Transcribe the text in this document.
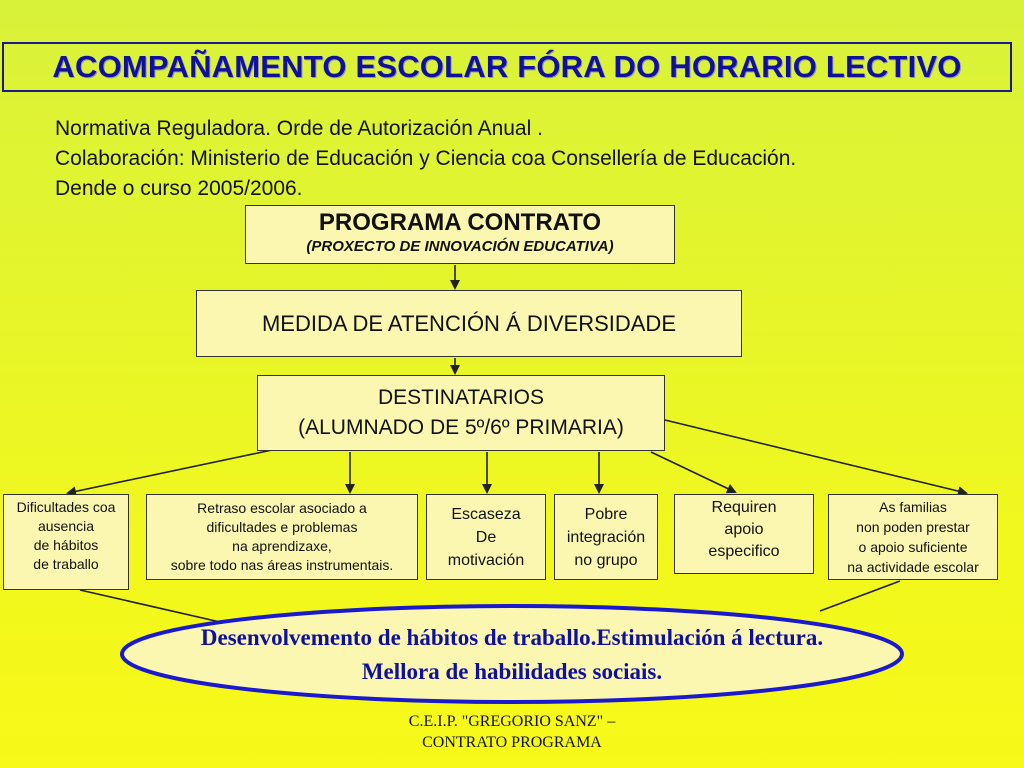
ACOMPAÑAMENTO ESCOLAR FÓRA DO HORARIO LECTIVO
Normativa Reguladora. Orde de Autorización Anual .
Colaboración: Ministerio de Educación y Ciencia coa Consellería de Educación.
Dende o curso 2005/2006.
PROGRAMA CONTRATO
(PROXECTO DE INNOVACIÓN EDUCATIVA)
MEDIDA DE ATENCIÓN Á DIVERSIDADE
DESTINATARIOS
(ALUMNADO DE 5º/6º PRIMARIA)
Dificultades coa
ausencia
de hábitos
de traballo
Retraso escolar asociado a
dificultades e problemas
na aprendizaxe,
sobre todo nas áreas instrumentais.
Escaseza
De
motivación
Pobre
integración
no grupo
Requiren
apoio
especifico
As familias
non poden prestar
o apoio suficiente
na actividade escolar
Desenvolvemento de hábitos de traballo.Estimulación á lectura.
Mellora de habilidades sociais.
C.E.I.P. "GREGORIO SANZ" –
CONTRATO PROGRAMA
